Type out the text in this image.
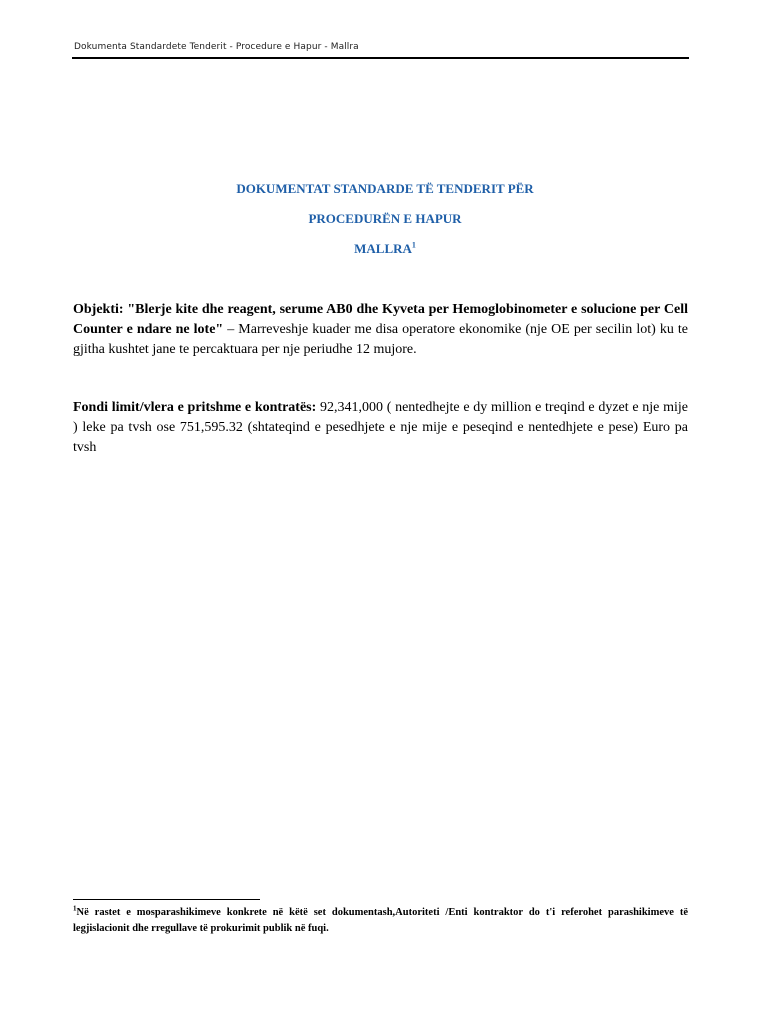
Dokumenta Standardete Tenderit - Procedure e Hapur - Mallra
DOKUMENTAT STANDARDE TË TENDERIT PËR
PROCEDURËN E HAPUR
MALLRA$^1$

Objekti: "Blerje kite dhe reagent, serume AB0 dhe Kyveta per Hemoglobinometer e solucione per Cell Counter e ndare ne lote" – Marreveshje kuader me disa operatore ekonomike (nje OE per secilin lot) ku te gjitha kushtet jane te percaktuara per nje periudhe 12 mujore.

Fondi limit/vlera e pritshme e kontratës: 92,341,000 ( nentedhejte e dy million e treqind e dyzet e nje mije ) leke pa tvsh ose 751,595.32 (shtateqind e pesedhjete e nje mije e peseqind e nentedhjete e pese) Euro pa tvsh

$^1$Në rastet e mosparashikimeve konkrete në këtë set dokumentash,Autoriteti /Enti kontraktor do t'i referohet parashikimeve të legjislacionit dhe rregullave të prokurimit publik në fuqi.
